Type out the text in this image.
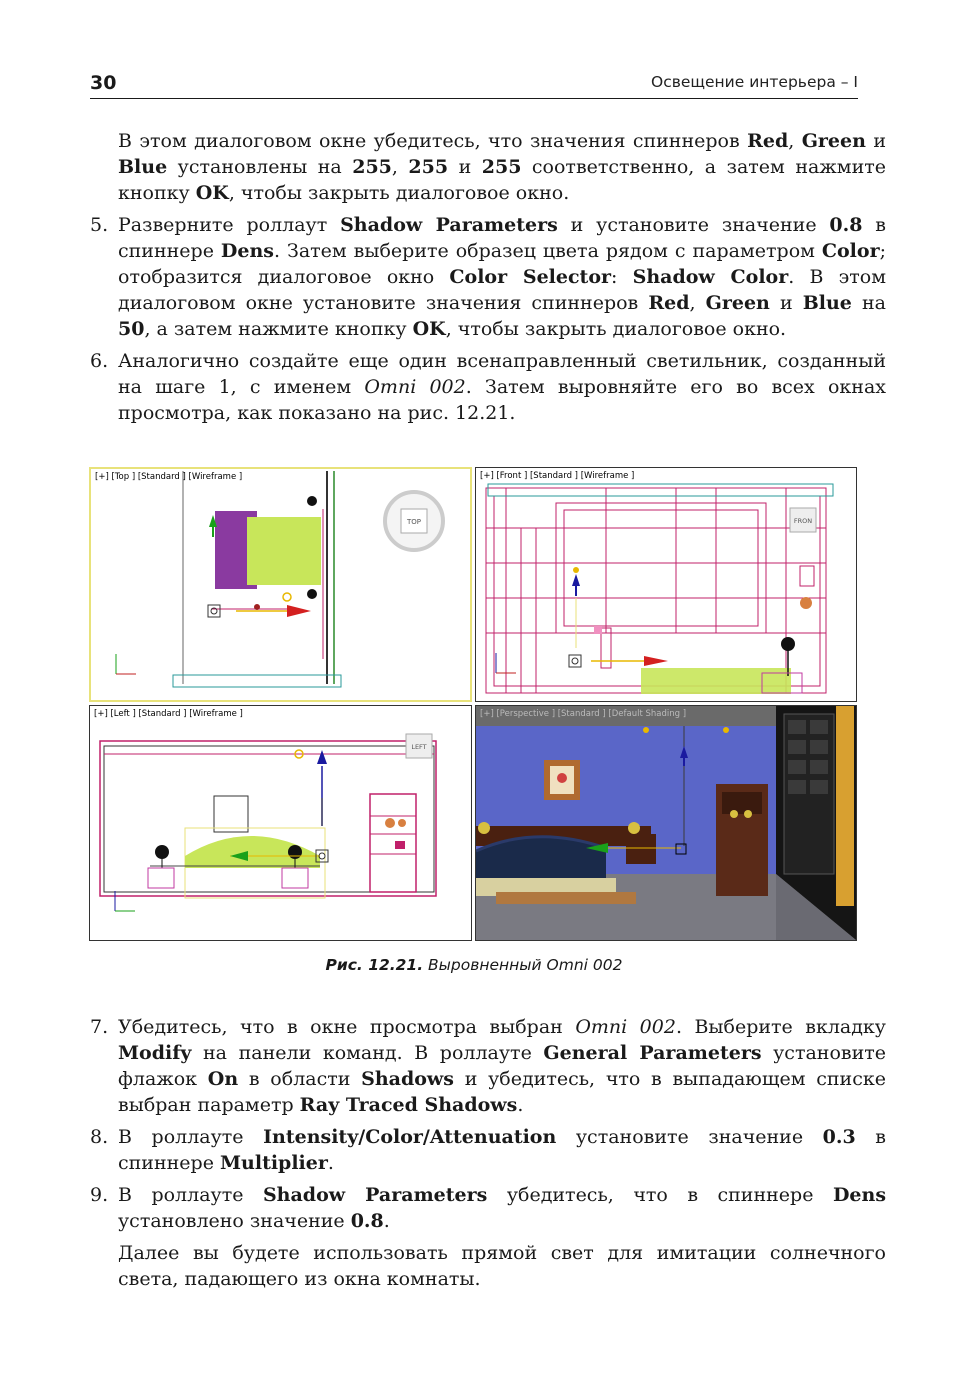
30	Освещение интерьера – I

В этом диалоговом окне убедитесь, что значения спиннеров Red, Green и Blue установлены на 255, 255 и 255 соответственно, а затем нажмите кнопку OK, чтобы закрыть диалоговое окно.

5. Разверните роллаут Shadow Parameters и установите значение 0.8 в спиннере Dens. Затем выберите образец цвета рядом с параметром Color; отобразится диалоговое окно Color Selector: Shadow Color. В этом диалоговом окне установите значения спиннеров Red, Green и Blue на 50, а затем нажмите кнопку OK, чтобы закрыть диалоговое окно.

6. Аналогично создайте еще один всенаправленный светильник, созданный на шаге 1, с именем Omni 002. Затем выровняйте его во всех окнах просмотра, как показано на рис. 12.21.

TOP
[+] [Top ] [Standard ] [Wireframe ]
FRON
[+] [Front ] [Standard ] [Wireframe ]
LEFT
[+] [Left ] [Standard ] [Wireframe ]	[+] [Perspective ] [Standard ] [Default Shading ]
Рис. 12.21. Выровненный Omni 002

7. Убедитесь, что в окне просмотра выбран Omni 002. Выберите вкладку Modify на панели команд. В роллауте General Parameters установите флажок On в области Shadows и убедитесь, что в выпадающем списке выбран параметр Ray Traced Shadows.

8. В роллауте Intensity/Color/Attenuation установите значение 0.3 в спиннере Multiplier.

9. В роллауте Shadow Parameters убедитесь, что в спиннере Dens установлено значение 0.8.

Далее вы будете использовать прямой свет для имитации солнечного света, падающего из окна комнаты.
